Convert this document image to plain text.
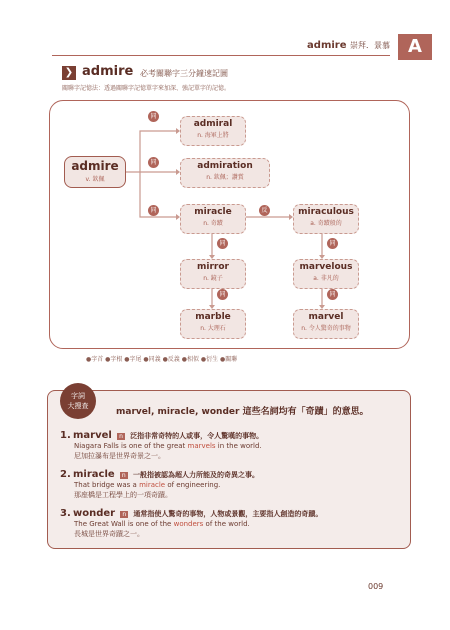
admire 崇拜．景慕	A
❯ admire 必考關聯字三分鐘速記圖
關聯字記憶法：透過關聯字記憶單字來加深、強記單字的記憶。
admire
v. 欽佩
admiral
n. 海軍上將
admiration
n. 欽佩；讚賞
miracle
n. 奇蹟
miraculous
a. 奇蹟般的
mirror
n. 鏡子
marvelous
a. 非凡的
marble
n. 大理石
marvel
n. 令人驚奇的事物
同
同
同	反
同	同
同	同
●字首 ●字根 ●字尾 ●同義 ●反義 ●相似 ●衍生 ●關聯
字詞
大搜查
marvel, miracle, wonder 這些名詞均有「奇蹟」的意思。
1. marvel n 泛指非常奇特的人或事，令人驚嘆的事物。
Niagara Falls is one of the great marvels in the world.
尼加拉瀑布是世界奇景之一。
2. miracle n 一般指被認為超人力所能及的奇異之事。
That bridge was a miracle of engineering.
那座橋是工程學上的一項奇蹟。
3. wonder n 通常指使人驚奇的事物，人物或景觀，主要指人創造的奇蹟。
The Great Wall is one of the wonders of the world.
長城是世界奇蹟之一。
009
